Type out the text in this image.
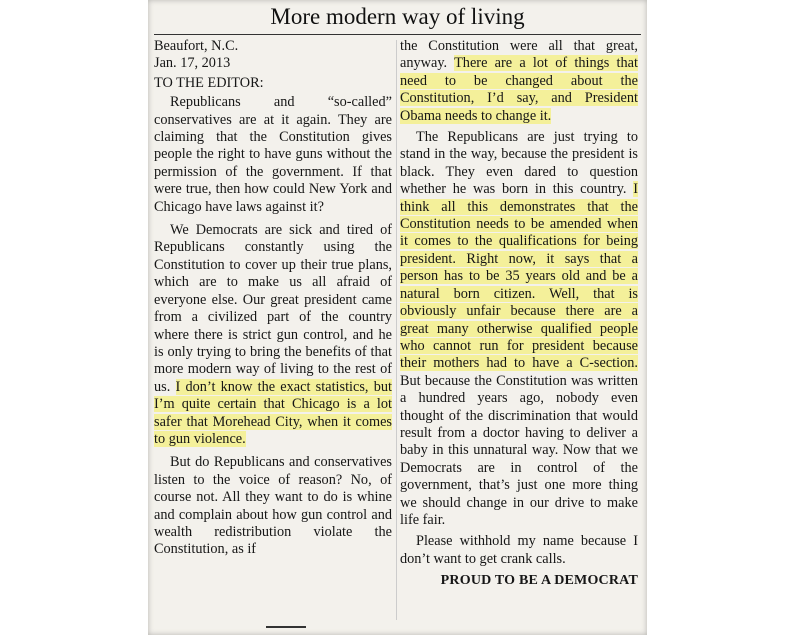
More modern way of living

Beaufort, N.C.

Jan. 17, 2013

TO THE EDITOR:

Republicans and “so-called” conservatives are at it again. They are claiming that the Constitution gives people the right to have guns without the permission of the government. If that were true, then how could New York and Chicago have laws against it?

We Democrats are sick and tired of Republicans constantly using the Constitution to cover up their true plans, which are to make us all afraid of everyone else. Our great president came from a civilized part of the country where there is strict gun control, and he is only trying to bring the benefits of that more modern way of living to the rest of us. I don’t know the exact statistics, but I’m quite certain that Chicago is a lot safer that Morehead City, when it comes to gun violence.

But do Republicans and conservatives listen to the voice of reason? No, of course not. All they want to do is whine and complain about how gun control and wealth redistribution violate the Constitution, as if

the Constitution were all that great, anyway. There are a lot of things that need to be changed about the Constitution, I’d say, and President Obama needs to change it.

The Republicans are just trying to stand in the way, because the president is black. They even dared to question whether he was born in this country. I think all this demonstrates that the Constitution needs to be amended when it comes to the qualifications for being president. Right now, it says that a person has to be 35 years old and be a natural born citizen. Well, that is obviously unfair because there are a great many otherwise qualified people who cannot run for president because their mothers had to have a C-section. But because the Constitution was written a hundred years ago, nobody even thought of the discrimination that would result from a doctor having to deliver a baby in this unnatural way. Now that we Democrats are in control of the government, that’s just one more thing we should change in our drive to make life fair.

Please withhold my name because I don’t want to get crank calls.

PROUD TO BE A DEMOCRAT
